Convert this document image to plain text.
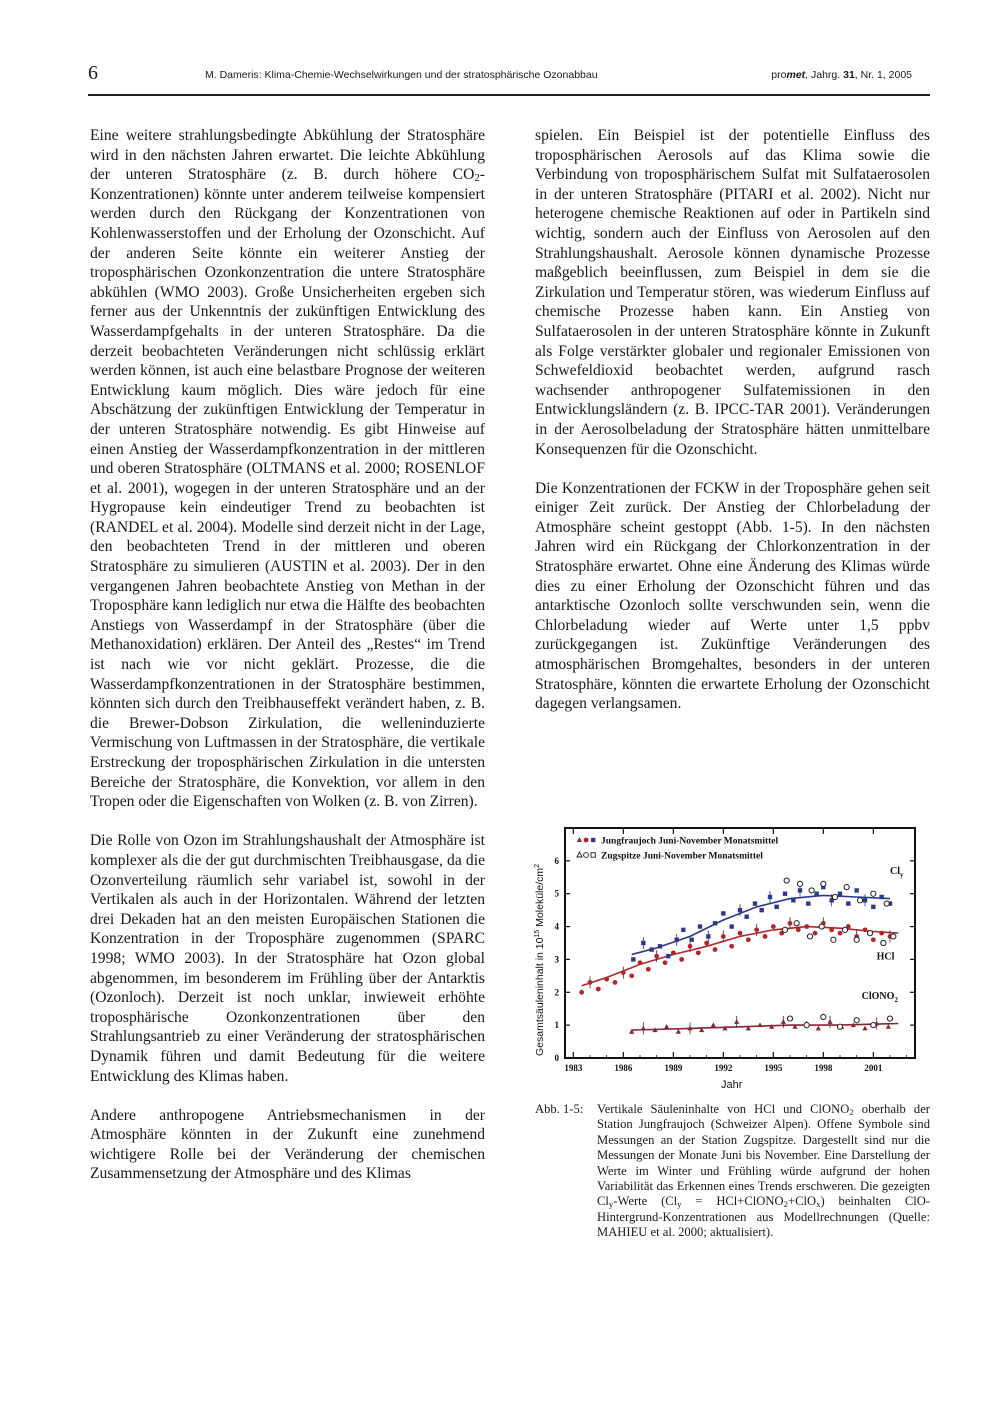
6	M. Dameris: Klima-Chemie-Wechselwirkungen und der stratosphärische Ozonabbau	promet, Jahrg. 31, Nr. 1, 2005

Eine weitere strahlungsbedingte Abkühlung der Stratosphäre wird in den nächsten Jahren erwartet. Die leichte Abkühlung der unteren Stratosphäre (z. B. durch höhere $CO_2-Konzentrationen$) könnte unter anderem teilweise kompensiert werden durch den Rückgang der Konzentrationen von Kohlenwasserstoffen und der Erholung der Ozonschicht. Auf der anderen Seite könnte ein weiterer Anstieg der troposphärischen Ozonkonzentration die untere Stratosphäre abkühlen (WMO 2003). Große Unsicherheiten ergeben sich ferner aus der Unkenntnis der zukünftigen Entwicklung des Wasserdampfgehalts in der unteren Stratosphäre. Da die derzeit beobachteten Veränderungen nicht schlüssig erklärt werden können, ist auch eine belastbare Prognose der weiteren Entwicklung kaum möglich. Dies wäre jedoch für eine Abschätzung der zukünftigen Entwicklung der Temperatur in der unteren Stratosphäre notwendig. Es gibt Hinweise auf einen Anstieg der Wasserdampfkonzentration in der mittleren und oberen Stratosphäre (OLTMANS et al. 2000; ROSENLOF et al. 2001), wogegen in der unteren Stratosphäre und an der Hygropause kein eindeutiger Trend zu beobachten ist (RANDEL et al. 2004). Modelle sind derzeit nicht in der Lage, den beobachteten Trend in der mittleren und oberen Stratosphäre zu simulieren (AUSTIN et al. 2003). Der in den vergangenen Jahren beobachtete Anstieg von Methan in der Troposphäre kann lediglich nur etwa die Hälfte des beobachten Anstiegs von Wasserdampf in der Stratosphäre (über die Methanoxidation) erklären. Der Anteil des „Restes“ im Trend ist nach wie vor nicht geklärt. Prozesse, die die Wasserdampfkonzentrationen in der Stratosphäre bestimmen, könnten sich durch den Treibhauseffekt verändert haben, z. B. die Brewer-Dobson Zirkulation, die welleninduzierte Vermischung von Luftmassen in der Stratosphäre, die vertikale Erstreckung der troposphärischen Zirkulation in die untersten Bereiche der Stratosphäre, die Konvektion, vor allem in den Tropen oder die Eigenschaften von Wolken (z. B. von Zirren).

Die Rolle von Ozon im Strahlungshaushalt der Atmosphäre ist komplexer als die der gut durchmischten Treibhausgase, da die Ozonverteilung räumlich sehr variabel ist, sowohl in der Vertikalen als auch in der Horizontalen. Während der letzten drei Dekaden hat an den meisten Europäischen Stationen die Konzentration in der Troposphäre zugenommen (SPARC 1998; WMO 2003). In der Stratosphäre hat Ozon global abgenommen, im besonderem im Frühling über der Antarktis (Ozonloch). Derzeit ist noch unklar, inwieweit erhöhte troposphärische Ozonkonzentrationen über den Strahlungsantrieb zu einer Veränderung der stratosphärischen Dynamik führen und damit Bedeutung für die weitere Entwicklung des Klimas haben.

Andere anthropogene Antriebsmechanismen in der Atmosphäre könnten in der Zukunft eine zunehmend wichtigere Rolle bei der Veränderung der chemischen Zusammensetzung der Atmosphäre und des Klimas

spielen. Ein Beispiel ist der potentielle Einfluss des troposphärischen Aerosols auf das Klima sowie die Verbindung von troposphärischem Sulfat mit Sulfataerosolen in der unteren Stratosphäre (PITARI et al. 2002). Nicht nur heterogene chemische Reaktionen auf oder in Partikeln sind wichtig, sondern auch der Einfluss von Aerosolen auf den Strahlungshaushalt. Aerosole können dynamische Prozesse maßgeblich beeinflussen, zum Beispiel in dem sie die Zirkulation und Temperatur stören, was wiederum Einfluss auf chemische Prozesse haben kann. Ein Anstieg von Sulfataerosolen in der unteren Stratosphäre könnte in Zukunft als Folge verstärkter globaler und regionaler Emissionen von Schwefeldioxid beobachtet werden, aufgrund rasch wachsender anthropogener Sulfatemissionen in den Entwicklungsländern (z. B. IPCC-TAR 2001). Veränderungen in der Aerosolbeladung der Stratosphäre hätten unmittelbare Konsequenzen für die Ozonschicht.

Die Konzentrationen der FCKW in der Troposphäre gehen seit einiger Zeit zurück. Der Anstieg der Chlorbeladung der Atmosphäre scheint gestoppt (Abb. 1-5). In den nächsten Jahren wird ein Rückgang der Chlorkonzentration in der Stratosphäre erwartet. Ohne eine Änderung des Klimas würde dies zu einer Erholung der Ozonschicht führen und das antarktische Ozonloch sollte verschwunden sein, wenn die Chlorbeladung wieder auf Werte unter 1,5 ppbv zurückgegangen ist. Zukünftige Veränderungen des atmosphärischen Bromgehaltes, besonders in der unteren Stratosphäre, könnten die erwartete Erholung der Ozonschicht dagegen verlangsamen.

0
1
2
3
4
5
6
1983	1986	1989	1992	1995	1998	2001
Jahr
Gesamtsäuleninhalt in $10^{15}$ Moleküle/$cm^2$
Jungfraujoch Juni-November Monatsmittel
Zugspitze Juni-November Monatsmittel
$Cl_y$
HCl
ClONO$_2$
Abb. 1-5:	Vertikale Säuleninhalte von HCl und ClONO$_2$ oberhalb der Station Jungfraujoch (Schweizer Alpen). Offene Symbole sind Messungen an der Station Zugspitze. Dargestellt sind nur die Messungen der Monate Juni bis November. Eine Darstellung der Werte im Winter und Frühling würde aufgrund der hohen Variabilität das Erkennen eines Trends erschweren. Die gezeigten $Cl_y$-Werte ($Cl_y$ = HCl+ClONO$_2$+ClO$_x$) beinhalten ClO-Hintergrund-Konzentrationen aus Modellrechnungen (Quelle: MAHIEU et al. 2000; aktualisiert).
